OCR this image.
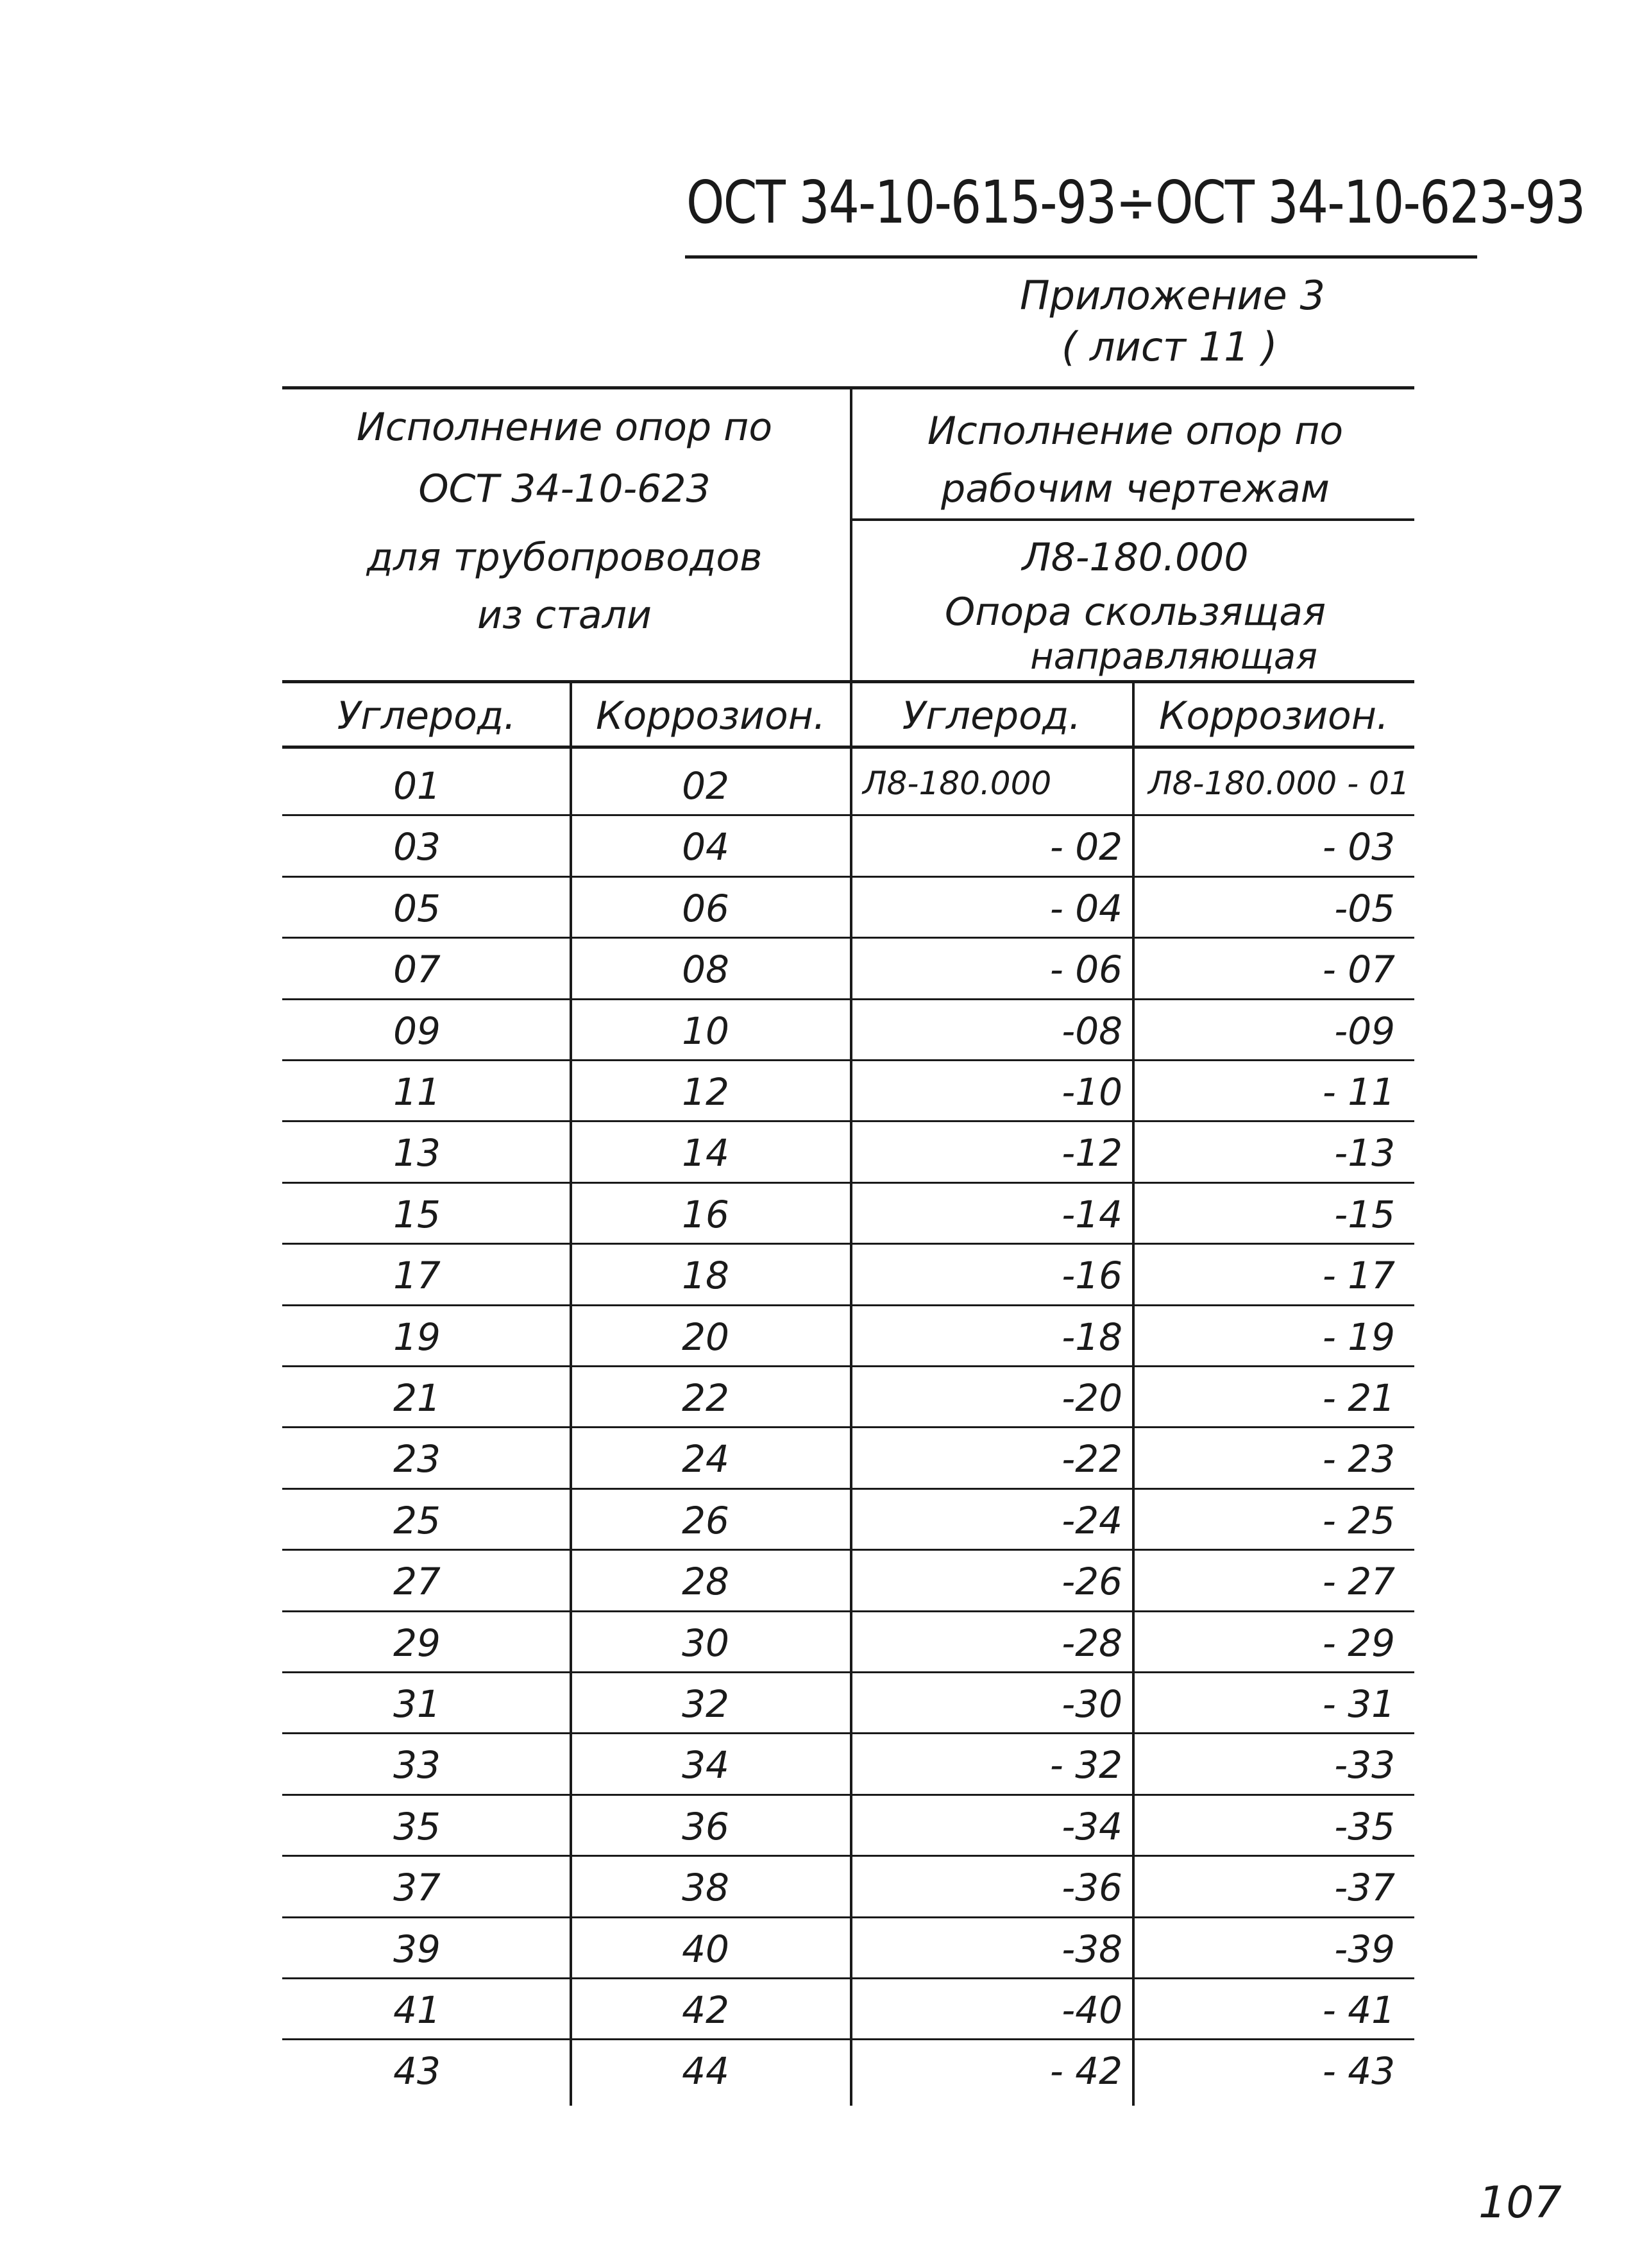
ОСТ 34-10-615-93÷ОСТ 34-10-623-93
Приложение 3
( лист 11 )
Исполнение опор по
ОСТ 34-10-623
для трубопроводов
из стали
Исполнение опор по
рабочим чертежам
Л8-180.000
Опора скользящая
направляющая
Углерод.	Коррозион.	Углерод.	Коррозион.
01	02	Л8-180.000	Л8-180.000 - 01
03	04	- 02	- 03
05	06	- 04	-05
07	08	- 06	- 07
09	10	-08	-09
11	12	-10	- 11
13	14	-12	-13
15	16	-14	-15
17	18	-16	- 17
19	20	-18	- 19
21	22	-20	- 21
23	24	-22	- 23
25	26	-24	- 25
27	28	-26	- 27
29	30	-28	- 29
31	32	-30	- 31
33	34	- 32	-33
35	36	-34	-35
37	38	-36	-37
39	40	-38	-39
41	42	-40	- 41
43	44	- 42	- 43
107
